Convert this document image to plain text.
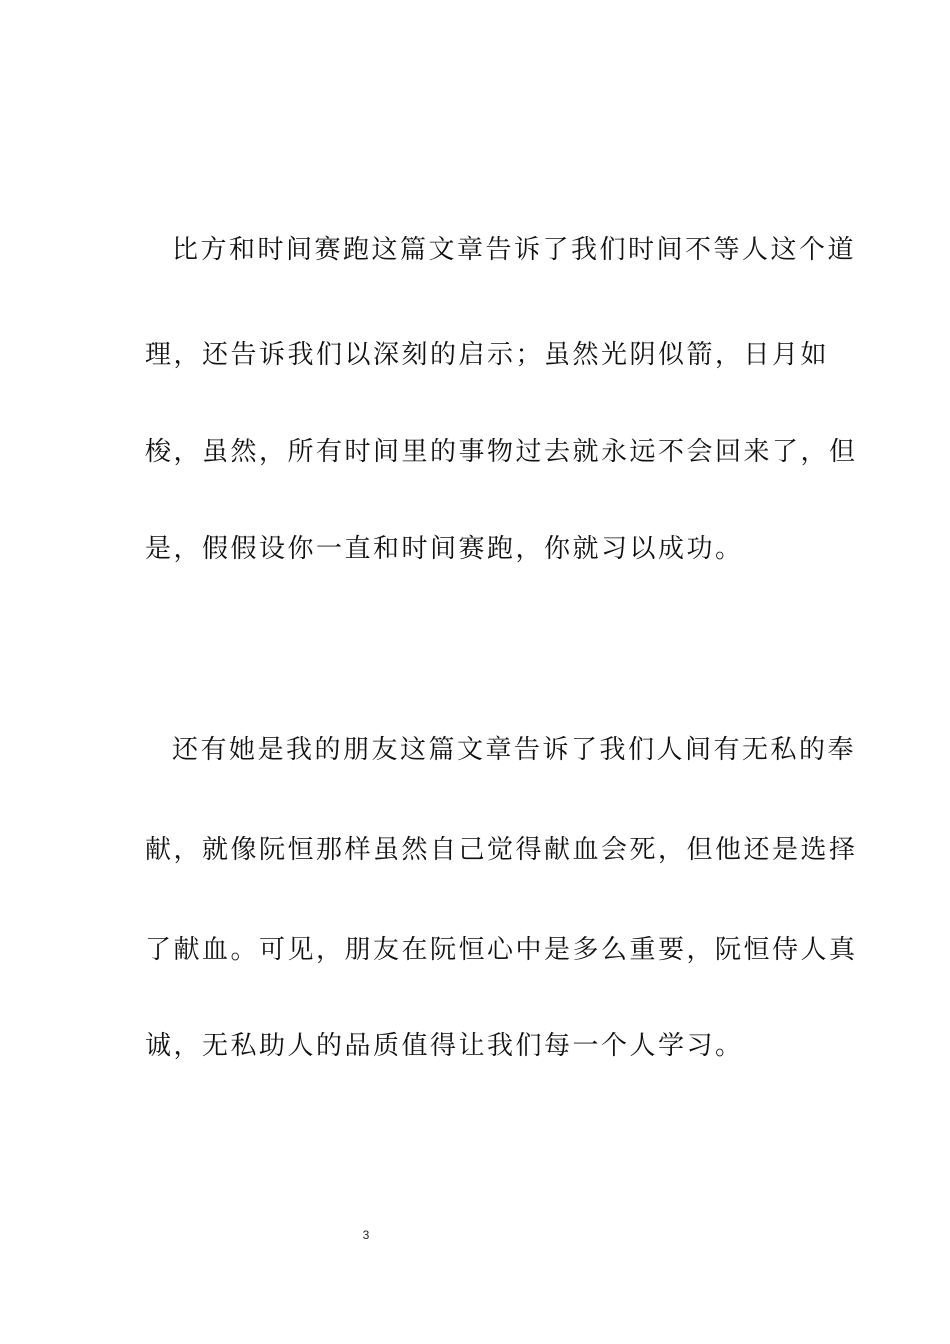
比方和时间赛跑这篇文章告诉了我们时间不等人这个道
理，还告诉我们以深刻的启示；虽然光阴似箭，日月如
梭，虽然，所有时间里的事物过去就永远不会回来了，但
是，假假设你一直和时间赛跑，你就习以成功。
还有她是我的朋友这篇文章告诉了我们人间有无私的奉
献，就像阮恒那样虽然自己觉得献血会死，但他还是选择
了献血。可见，朋友在阮恒心中是多么重要，阮恒侍人真
诚，无私助人的品质值得让我们每一个人学习。
3
